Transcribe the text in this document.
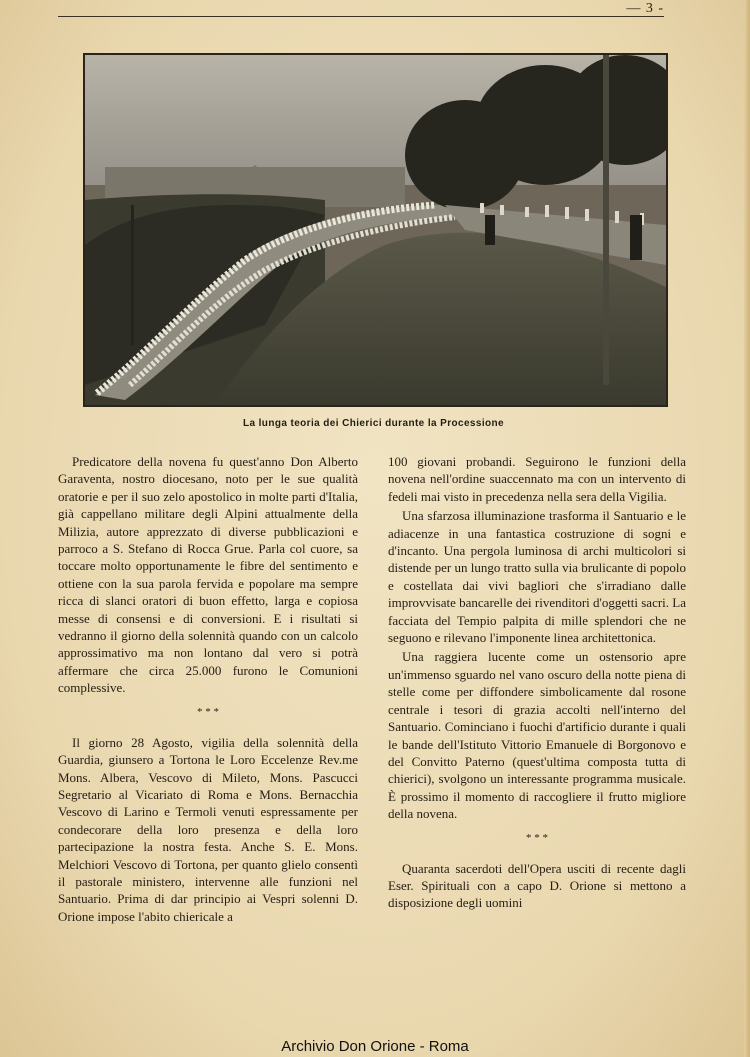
— 3 -
La lunga teoria dei Chierici durante la Processione

Predicatore della novena fu quest'anno Don Alberto Garaventa, nostro diocesano, noto per le sue qualità oratorie e per il suo zelo apostolico in molte parti d'Italia, già cappellano militare degli Alpini attualmente della Milizia, autore apprezzato di diverse pubblicazioni e parroco a S. Stefano di Rocca Grue. Parla col cuore, sa toccare molto opportunamente le fibre del sentimento e ottiene con la sua parola fervida e popolare ma sempre ricca di slanci oratori di buon effetto, larga e copiosa messe di consensi e di conversioni. E i risultati si vedranno il giorno della solennità quando con un calcolo approssimativo ma non lontano dal vero si potrà affermare che circa 25.000 furono le Comunioni complessive.

* * *

Il giorno 28 Agosto, vigilia della solennità della Guardia, giunsero a Tortona le Loro Eccelenze Rev.me Mons. Albera, Vescovo di Mileto, Mons. Pascucci Segretario al Vicariato di Roma e Mons. Bernacchia Vescovo di Larino e Termoli venuti espressamente per condecorare della loro presenza e della loro partecipazione la nostra festa. Anche S. E. Mons. Melchiori Vescovo di Tortona, per quanto glielo consentì il pastorale ministero, intervenne alle funzioni nel Santuario. Prima di dar principio ai Vespri solenni D. Orione impose l'abito chiericale a

100 giovani probandi. Seguirono le funzioni della novena nell'ordine suaccennato ma con un intervento di fedeli mai visto in precedenza nella sera della Vigilia.

Una sfarzosa illuminazione trasforma il Santuario e le adiacenze in una fantastica costruzione di sogni e d'incanto. Una pergola luminosa di archi multicolori si distende per un lungo tratto sulla via brulicante di popolo e costellata dai vivi bagliori che s'irradiano dalle improvvisate bancarelle dei rivenditori d'oggetti sacri. La facciata del Tempio palpita di mille splendori che ne seguono e rilevano l'imponente linea architettonica.

Una raggiera lucente come un ostensorio apre un'immenso sguardo nel vano oscuro della notte piena di stelle come per diffondere simbolicamente dal rosone centrale i tesori di grazia accolti nell'interno del Santuario. Cominciano i fuochi d'artificio durante i quali le bande dell'Istituto Vittorio Emanuele di Borgonovo e del Convitto Paterno (quest'ultima composta tutta di chierici), svolgono un interessante programma musicale. È prossimo il momento di raccogliere il frutto migliore della novena.

* * *

Quaranta sacerdoti dell'Opera usciti di recente dagli Eser. Spirituali con a capo D. Orione si mettono a disposizione degli uomini

Archivio Don Orione - Roma
